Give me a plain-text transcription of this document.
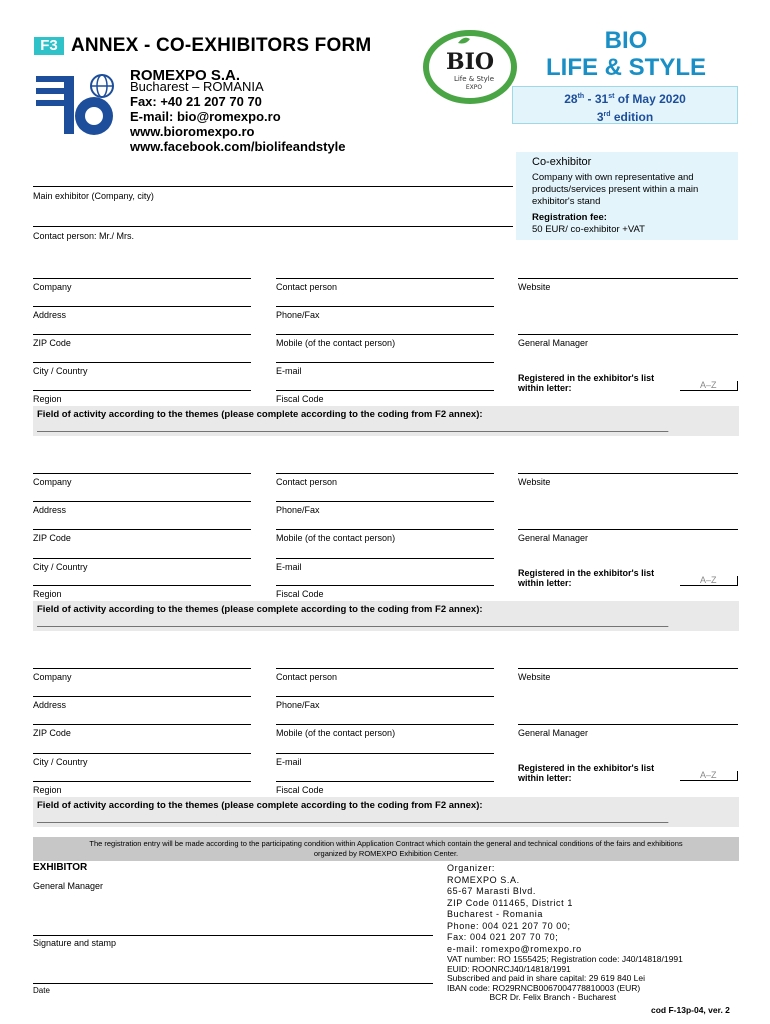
F3 ANNEX - CO-EXHIBITORS FORM
ROMEXPO S.A.
Bucharest – ROMANIA
Fax: +40 21 207 70 70
E-mail: bio@romexpo.ro
www.bioromexpo.ro
www.facebook.com/biolifeandstyle
BIO
Life & Style
EXPO
BIO
LIFE & STYLE
28th - 31st of May 2020
3rd edition
Co-exhibitor
Company with own representative and products/services present within a main exhibitor's stand
Registration fee:
50 EUR/ co-exhibitor +VAT
Main exhibitor (Company, city)
Contact person: Mr./ Mrs.
Company	Contact person	Website
Address	Phone/Fax
ZIP Code	Mobile (of the contact person)	General Manager
City / Country	E-mail
Registered in the exhibitor's list
within letter:	A–Z
Region	Fiscal Code
Field of activity according to the themes (please complete according to the coding from F2 annex):
____________________________________________________________________________________________________________________________________________
Company	Contact person	Website
Address	Phone/Fax
ZIP Code	Mobile (of the contact person)	General Manager
City / Country	E-mail
Registered in the exhibitor's list
within letter:	A–Z
Region	Fiscal Code
Field of activity according to the themes (please complete according to the coding from F2 annex):
____________________________________________________________________________________________________________________________________________
Company	Contact person	Website
Address	Phone/Fax
ZIP Code	Mobile (of the contact person)	General Manager
City / Country	E-mail
Registered in the exhibitor's list
within letter:	A–Z
Region	Fiscal Code
Field of activity according to the themes (please complete according to the coding from F2 annex):
____________________________________________________________________________________________________________________________________________
The registration entry will be made according to the participating condition within Application Contract which contain the general and technical conditions of the fairs and exhibitions
organized by ROMEXPO Exhibition Center.
EXHIBITOR
General Manager
Signature and stamp
Date
Organizer:
ROMEXPO S.A.
65-67 Marasti Blvd.
ZIP Code 011465, District 1
Bucharest - Romania
Phone: 004 021 207 70 00;
Fax: 004 021 207 70 70;
e-mail: romexpo@romexpo.ro
VAT number: RO 1555425; Registration code: J40/14818/1991
EUID: ROONRCJ40/14818/1991
Subscribed and paid in share capital: 29 619 840 Lei
IBAN code: RO29RNCB0067004778810003 (EUR)
BCR Dr. Felix Branch - Bucharest
cod F-13p-04, ver. 2
